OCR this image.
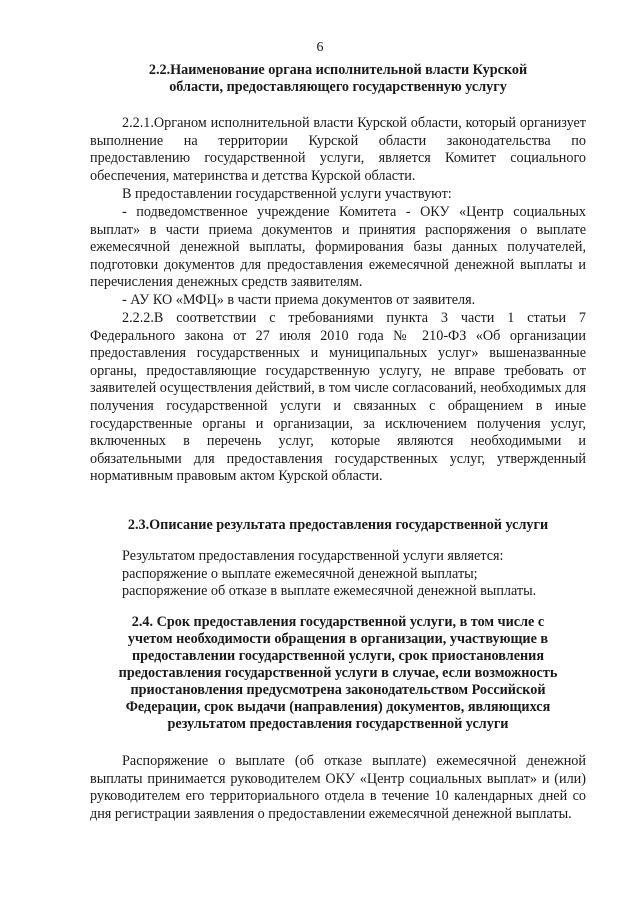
6
2.2.Наименование органа исполнительной власти Курской
области, предоставляющего государственную услугу
2.2.1.Органом исполнительной власти Курской области, который организует выполнение на территории Курской области законодательства по предоставлению государственной услуги, является Комитет социального обеспечения, материнства и детства Курской области.
В предоставлении государственной услуги участвуют:
- подведомственное учреждение Комитета - ОКУ «Центр социальных выплат» в части приема документов и принятия распоряжения о выплате ежемесячной денежной выплаты, формирования базы данных получателей, подготовки документов для предоставления ежемесячной денежной выплаты и перечисления денежных средств заявителям.
- АУ КО «МФЦ» в части приема документов от заявителя.
2.2.2.В соответствии с требованиями пункта 3 части 1 статьи 7 Федерального закона от 27 июля 2010 года № 210-ФЗ «Об организации предоставления государственных и муниципальных услуг» вышеназванные органы, предоставляющие государственную услугу, не вправе требовать от заявителей осуществления действий, в том числе согласований, необходимых для получения государственной услуги и связанных с обращением в иные государственные органы и организации, за исключением получения услуг, включенных в перечень услуг, которые являются необходимыми и обязательными для предоставления государственных услуг, утвержденный нормативным правовым актом Курской области.
2.3.Описание результата предоставления государственной услуги
Результатом предоставления государственной услуги является:
распоряжение о выплате ежемесячной денежной выплаты;
распоряжение об отказе в выплате ежемесячной денежной выплаты.
2.4. Срок предоставления государственной услуги, в том числе с
учетом необходимости обращения в организации, участвующие в
предоставлении государственной услуги, срок приостановления
предоставления государственной услуги в случае, если возможность
приостановления предусмотрена законодательством Российской
Федерации, срок выдачи (направления) документов, являющихся
результатом предоставления государственной услуги
Распоряжение о выплате (об отказе выплате) ежемесячной денежной выплаты принимается руководителем ОКУ «Центр социальных выплат» и (или) руководителем его территориального отдела в течение 10 календарных дней со дня регистрации заявления о предоставлении ежемесячной денежной выплаты.
